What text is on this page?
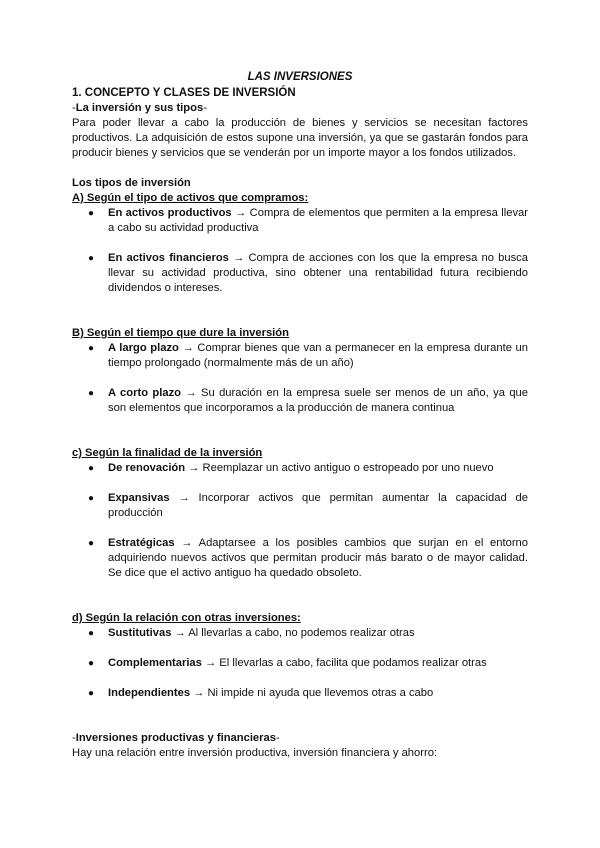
LAS INVERSIONES
1. CONCEPTO Y CLASES DE INVERSIÓN
-La inversión y sus tipos-

Para poder llevar a cabo la producción de bienes y servicios se necesitan factores productivos. La adquisición de estos supone una inversión, ya que se gastarán fondos para producir bienes y servicios que se venderán por un importe mayor a los fondos utilizados.

Los tipos de inversión
A) Según el tipo de activos que compramos:
● En activos productivos → Compra de elementos que permiten a la empresa llevar a cabo su actividad productiva
● En activos financieros → Compra de acciones con los que la empresa no busca llevar su actividad productiva, sino obtener una rentabilidad futura recibiendo dividendos o intereses.
B) Según el tiempo que dure la inversión
● A largo plazo → Comprar bienes que van a permanecer en la empresa durante un tiempo prolongado (normalmente más de un año)
● A corto plazo → Su duración en la empresa suele ser menos de un año, ya que son elementos que incorporamos a la producción de manera continua
c) Según la finalidad de la inversión
● De renovación → Reemplazar un activo antiguo o estropeado por uno nuevo
● Expansivas → Incorporar activos que permitan aumentar la capacidad de producción
● Estratégicas → Adaptarsee a los posibles cambios que surjan en el entorno adquiriendo nuevos activos que permitan producir más barato o de mayor calidad. Se dice que el activo antiguo ha quedado obsoleto.
d) Según la relación con otras inversiones:
● Sustitutivas → Al llevarlas a cabo, no podemos realizar otras
● Complementarias → El llevarlas a cabo, facilita que podamos realizar otras
● Independientes → Ni impide ni ayuda que llevemos otras a cabo
-Inversiones productivas y financieras-

Hay una relación entre inversión productiva, inversión financiera y ahorro:
